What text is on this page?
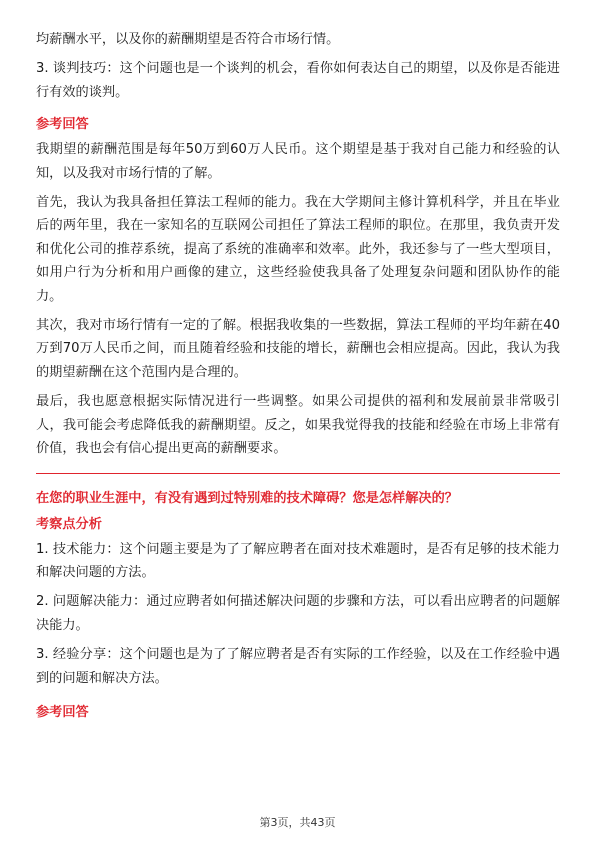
均薪酬水平，以及你的薪酬期望是否符合市场行情。

3. 谈判技巧：这个问题也是一个谈判的机会，看你如何表达自己的期望，以及你是否能进行有效的谈判。

参考回答

我期望的薪酬范围是每年50万到60万人民币。这个期望是基于我对自己能力和经验的认知，以及我对市场行情的了解。

首先，我认为我具备担任算法工程师的能力。我在大学期间主修计算机科学，并且在毕业后的两年里，我在一家知名的互联网公司担任了算法工程师的职位。在那里，我负责开发和优化公司的推荐系统，提高了系统的准确率和效率。此外，我还参与了一些大型项目，如用户行为分析和用户画像的建立，这些经验使我具备了处理复杂问题和团队协作的能力。

其次，我对市场行情有一定的了解。根据我收集的一些数据，算法工程师的平均年薪在40万到70万人民币之间，而且随着经验和技能的增长，薪酬也会相应提高。因此，我认为我的期望薪酬在这个范围内是合理的。

最后，我也愿意根据实际情况进行一些调整。如果公司提供的福利和发展前景非常吸引人，我可能会考虑降低我的薪酬期望。反之，如果我觉得我的技能和经验在市场上非常有价值，我也会有信心提出更高的薪酬要求。

在您的职业生涯中，有没有遇到过特别难的技术障碍？您是怎样解决的？
考察点分析

1. 技术能力：这个问题主要是为了了解应聘者在面对技术难题时，是否有足够的技术能力和解决问题的方法。

2. 问题解决能力：通过应聘者如何描述解决问题的步骤和方法，可以看出应聘者的问题解决能力。

3. 经验分享：这个问题也是为了了解应聘者是否有实际的工作经验，以及在工作经验中遇到的问题和解决方法。

参考回答
第3页，共43页
